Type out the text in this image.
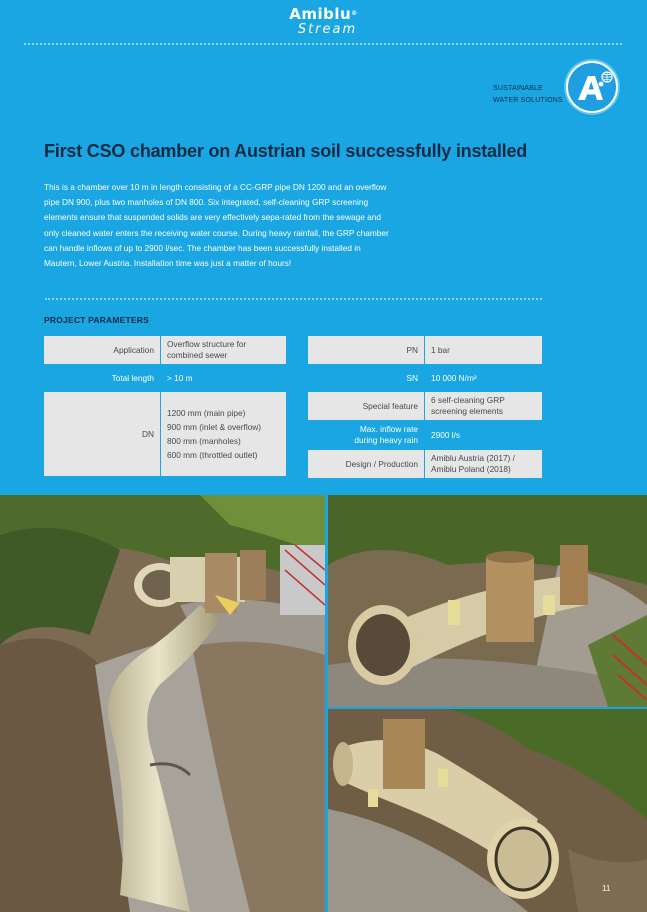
Amiblu®
Stream
SUSTAINABLE
WATER SOLUTIONS
First CSO chamber on Austrian soil successfully installed

This is a chamber over 10 m in length consisting of a CC-GRP pipe DN 1200 and an overflow pipe DN 900, plus two manholes of DN 800. Six integrated, self-cleaning GRP screening elements ensure that suspended solids are very effectively sepa-rated from the sewage and only cleaned water enters the receiving water course. During heavy rainfall, the GRP chamber can handle inflows of up to 2900 l/sec. The chamber has been successfully installed in Mautern, Lower Austria. Installation time was just a matter of hours!

PROJECT PARAMETERS
Application	Overflow structure for
combined sewer

Total length	> 10 m
DN	1200 mm (main pipe)
900 mm (inlet & overflow)
800 mm (manholes)
600 mm (throttled outlet)
PN	1 bar
SN	10 000 N/m²
Special feature	6 self-cleaning GRP
screening elements

Max. inflow rate
during heavy rain	2900 l/s
Design / Production	Amiblu Austria (2017) /
Amiblu Poland (2018)
11
